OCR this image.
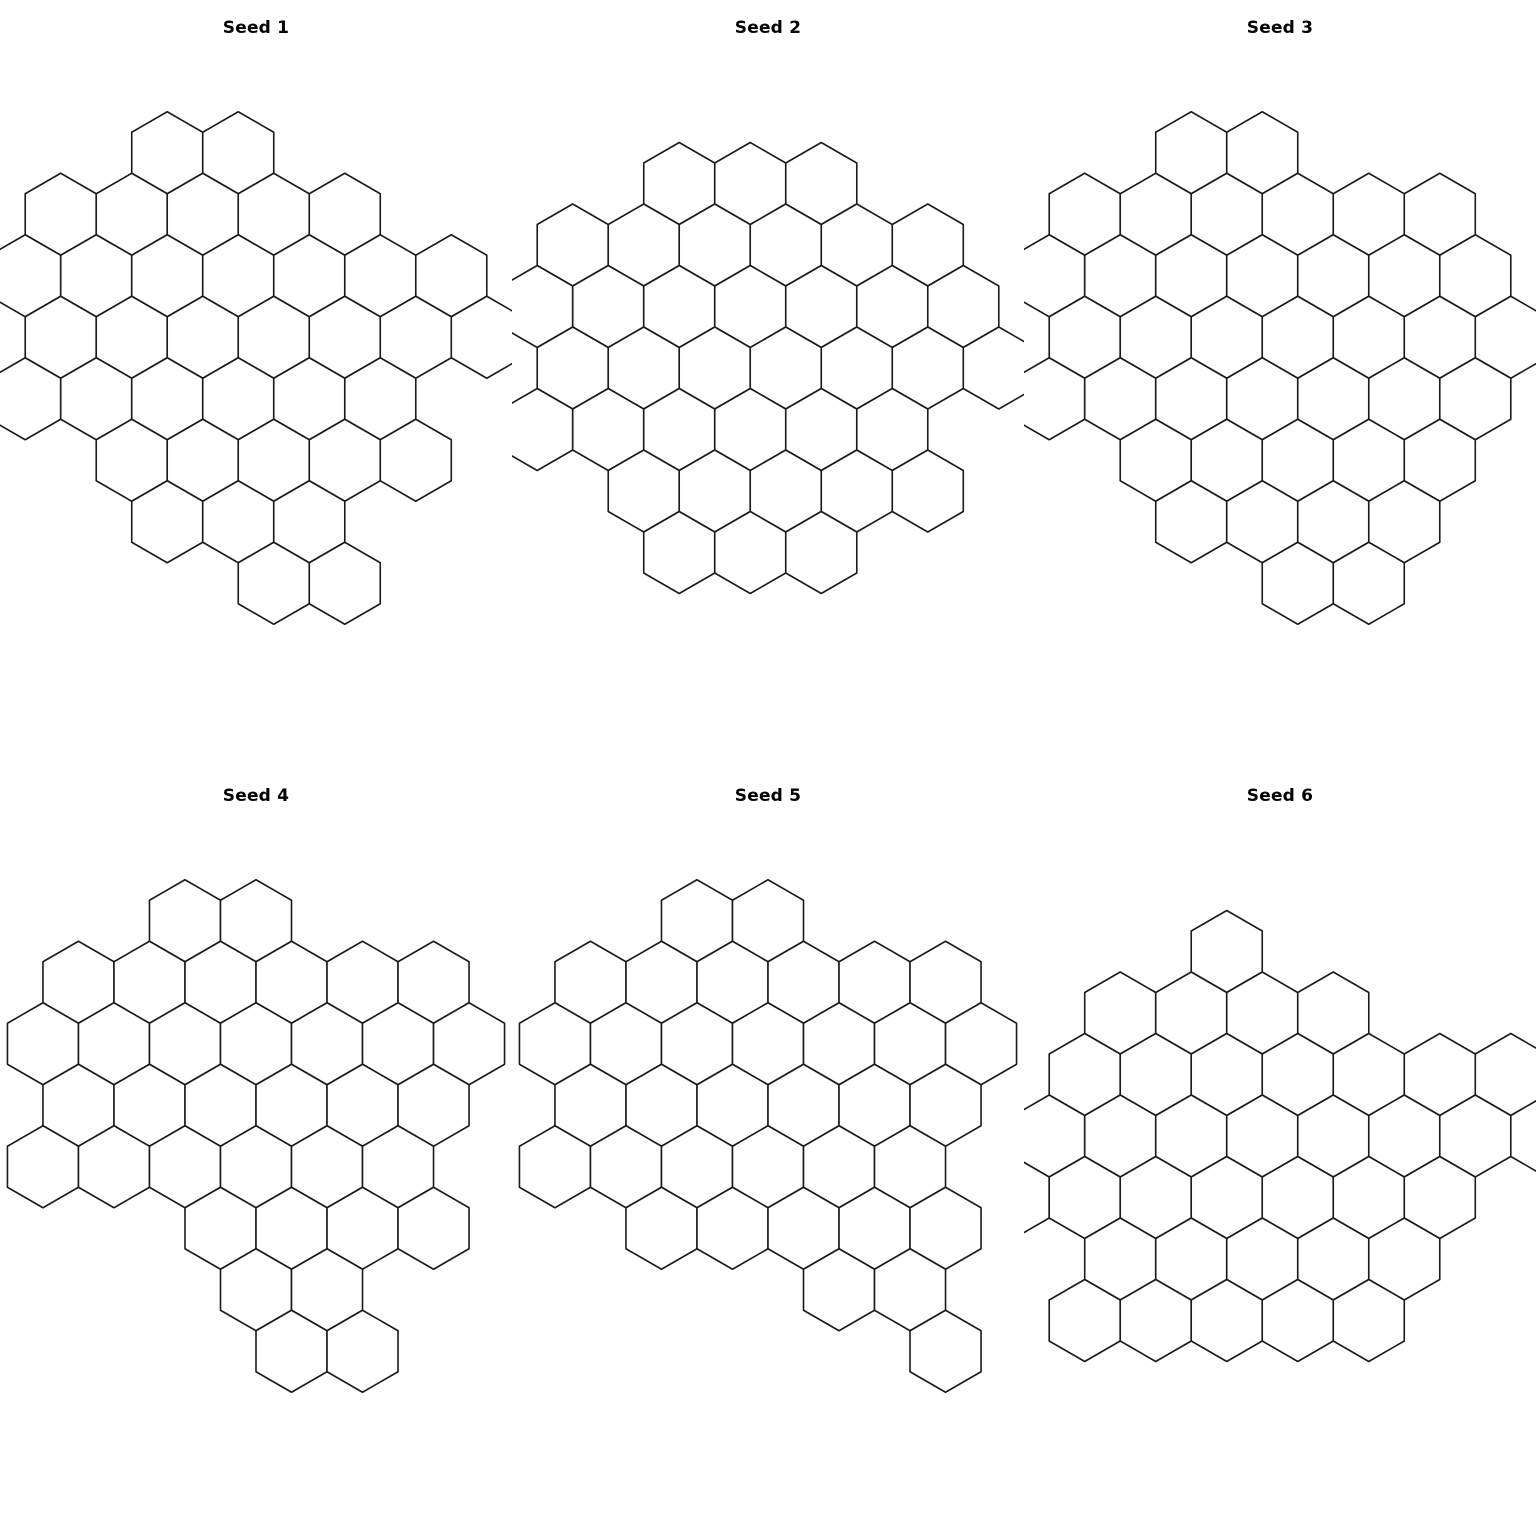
Seed 1	Seed 2	Seed 3
Seed 4	Seed 5	Seed 6
